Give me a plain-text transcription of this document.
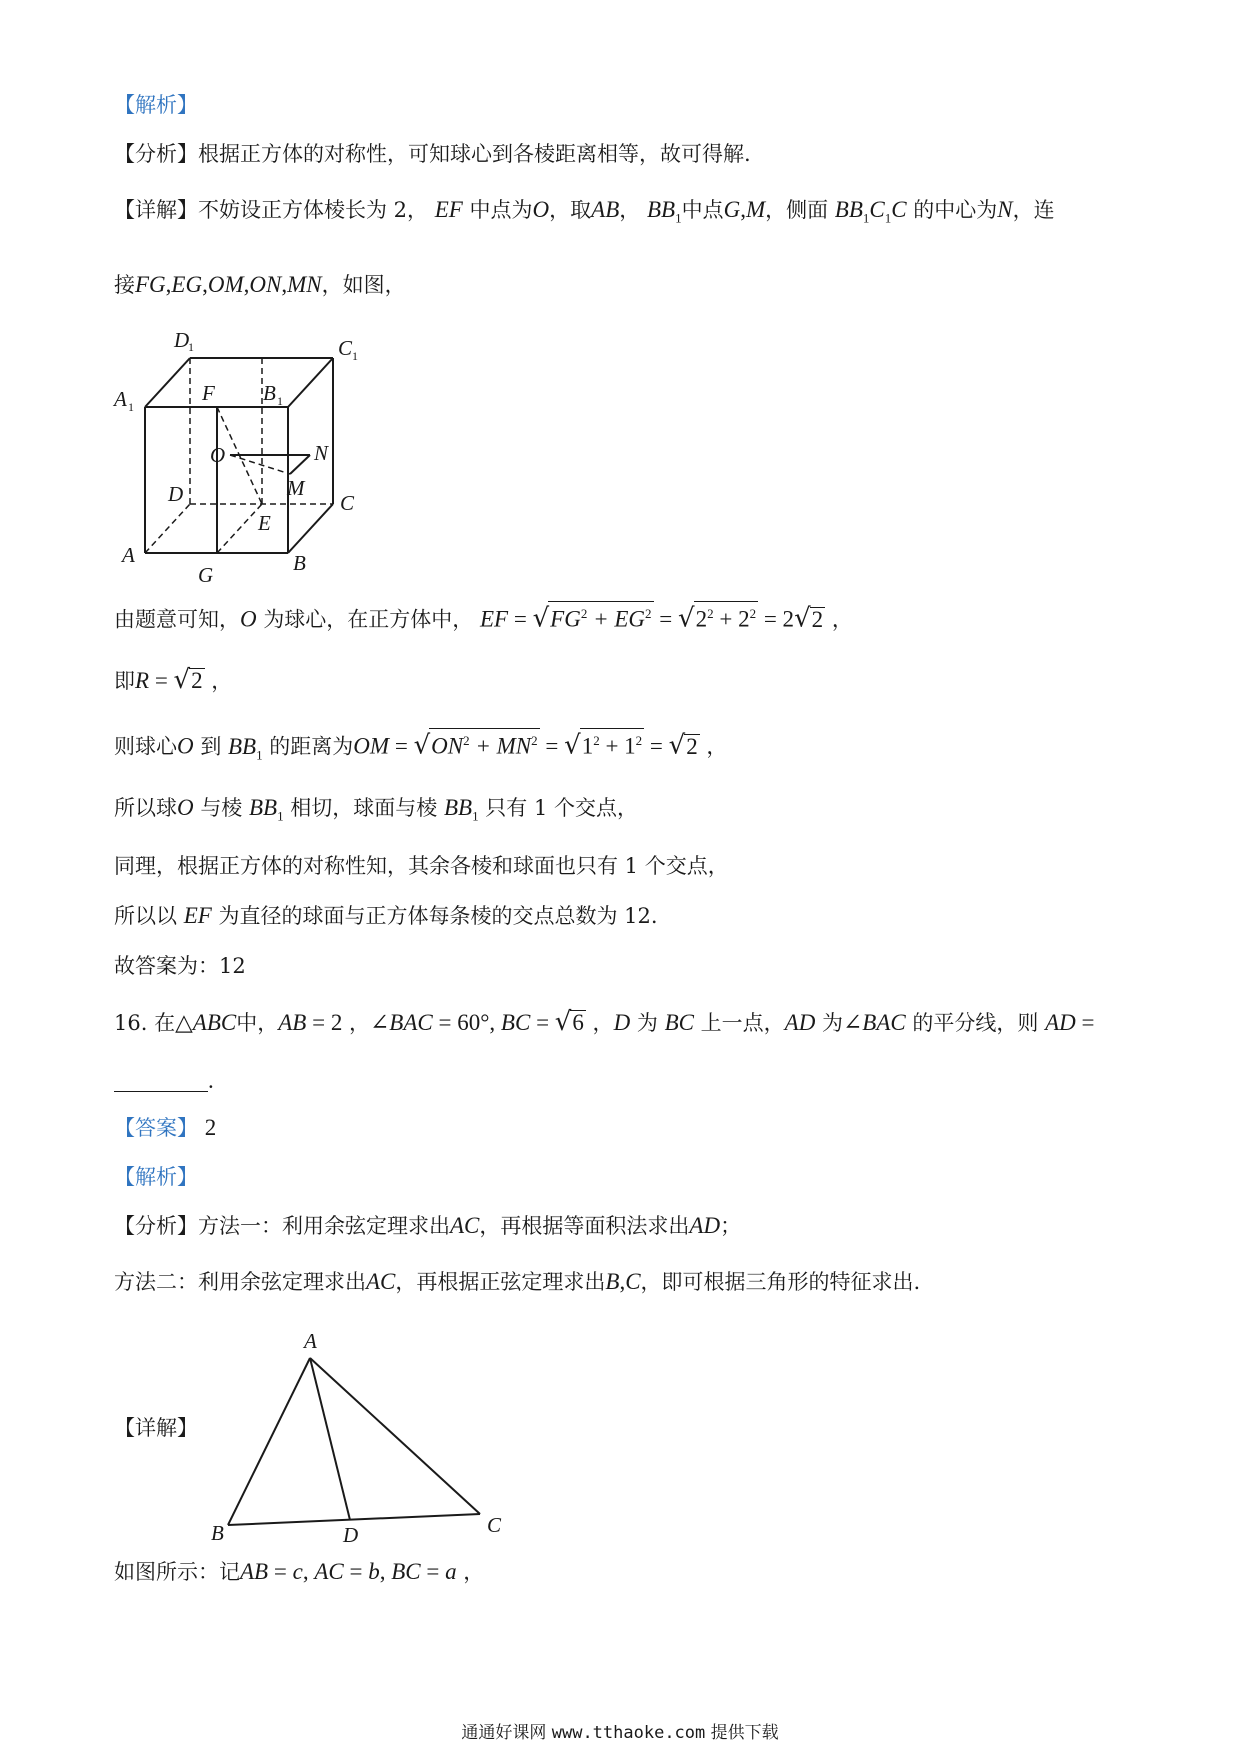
【解析】
【分析】根据正方体的对称性，可知球心到各棱距离相等，故可得解.
【详解】不妨设正方体棱长为 2， EF 中点为O，取AB， $BB_1$中点G,M，侧面 $BB_1C_1C$ 的中心为N，连
接FG,EG,OM,ON,MN，如图，
D
1	C 1
A 1
F B 1
O	N
M
D	C
E
A
G	B
由题意可知，O 为球心，在正方体中， EF = $√FG^2 + EG^2 = √2^2 + 2^2 = 2√2$ ，
即R = √2 ，
则球心O 到 $BB_1$ 的距离为OM = $√ON^2 + MN^2 = √1^2 + 1^2 = √2$ ，
所以球O 与棱 $BB_1$ 相切，球面与棱 $BB_1$ 只有 1 个交点，
同理，根据正方体的对称性知，其余各棱和球面也只有 1 个交点，
所以以 EF 为直径的球面与正方体每条棱的交点总数为 12.
故答案为：12
16. 在△ABC中，AB = 2 ，∠BAC = 60°, BC = √6 ，D 为 BC 上一点，AD 为∠BAC 的平分线，则 AD =
.
【答案】 2
【解析】
【分析】方法一：利用余弦定理求出AC，再根据等面积法求出AD；
方法二：利用余弦定理求出AC，再根据正弦定理求出B,C，即可根据三角形的特征求出.
【详解】
A
B	D	C
如图所示：记AB = c, AC = b, BC = a ，
通通好课网 www.tthaoke.com 提供下载
